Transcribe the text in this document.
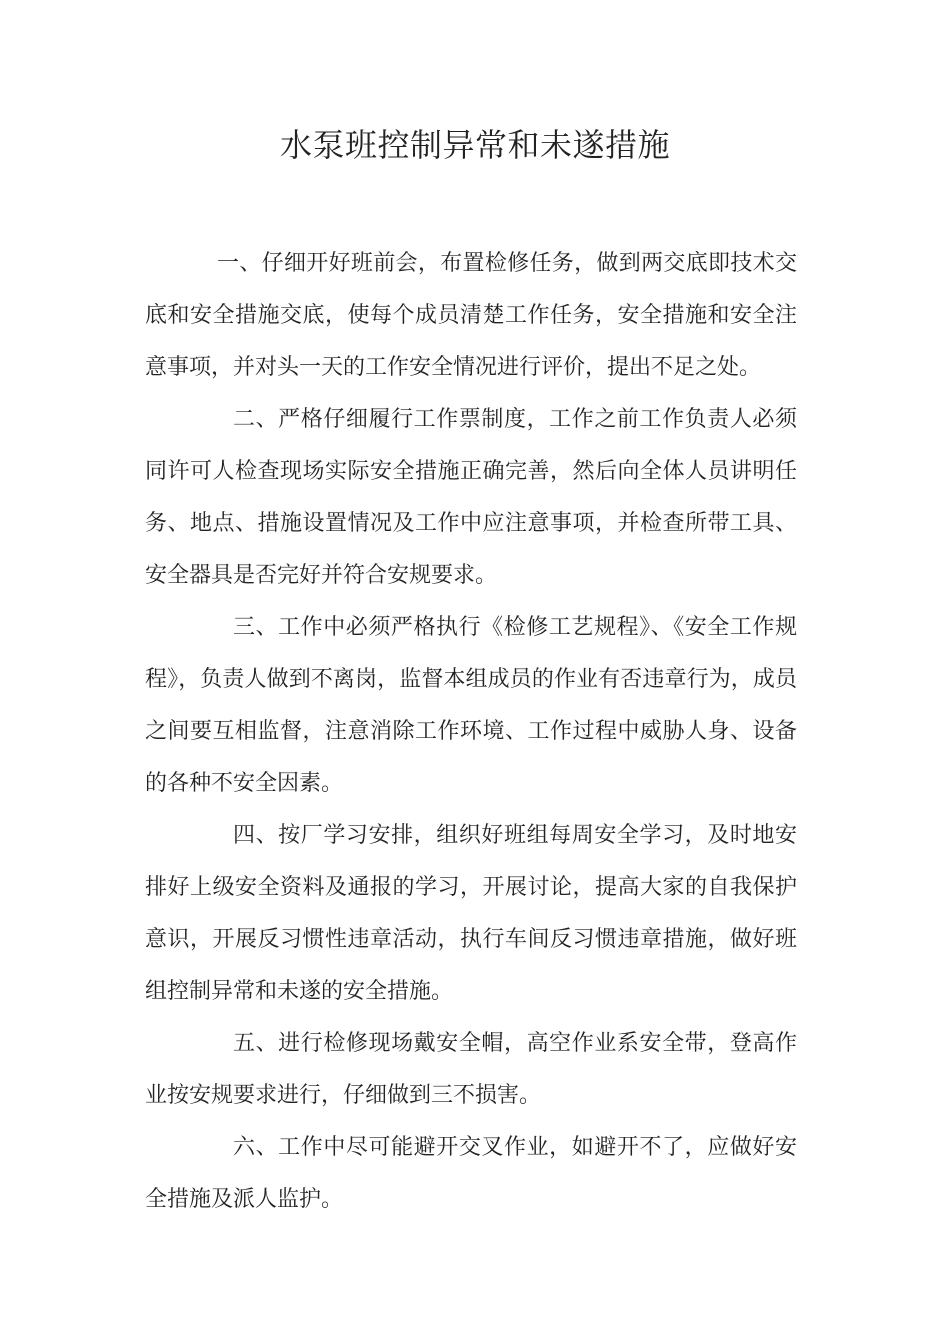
水泵班控制异常和未遂措施

一、仔细开好班前会，布置检修任务，做到两交底即技术交底和安全措施交底，使每个成员清楚工作任务，安全措施和安全注意事项，并对头一天的工作安全情况进行评价，提出不足之处。

二、严格仔细履行工作票制度，工作之前工作负责人必须同许可人检查现场实际安全措施正确完善，然后向全体人员讲明任务、地点、措施设置情况及工作中应注意事项，并检查所带工具、安全器具是否完好并符合安规要求。

三、工作中必须严格执行《检修工艺规程》、《安全工作规程》，负责人做到不离岗，监督本组成员的作业有否违章行为，成员之间要互相监督，注意消除工作环境、工作过程中威胁人身、设备的各种不安全因素。

四、按厂学习安排，组织好班组每周安全学习，及时地安排好上级安全资料及通报的学习，开展讨论，提高大家的自我保护意识，开展反习惯性违章活动，执行车间反习惯违章措施，做好班组控制异常和未遂的安全措施。

五、进行检修现场戴安全帽，高空作业系安全带，登高作业按安规要求进行，仔细做到三不损害。

六、工作中尽可能避开交叉作业，如避开不了，应做好安全措施及派人监护。
